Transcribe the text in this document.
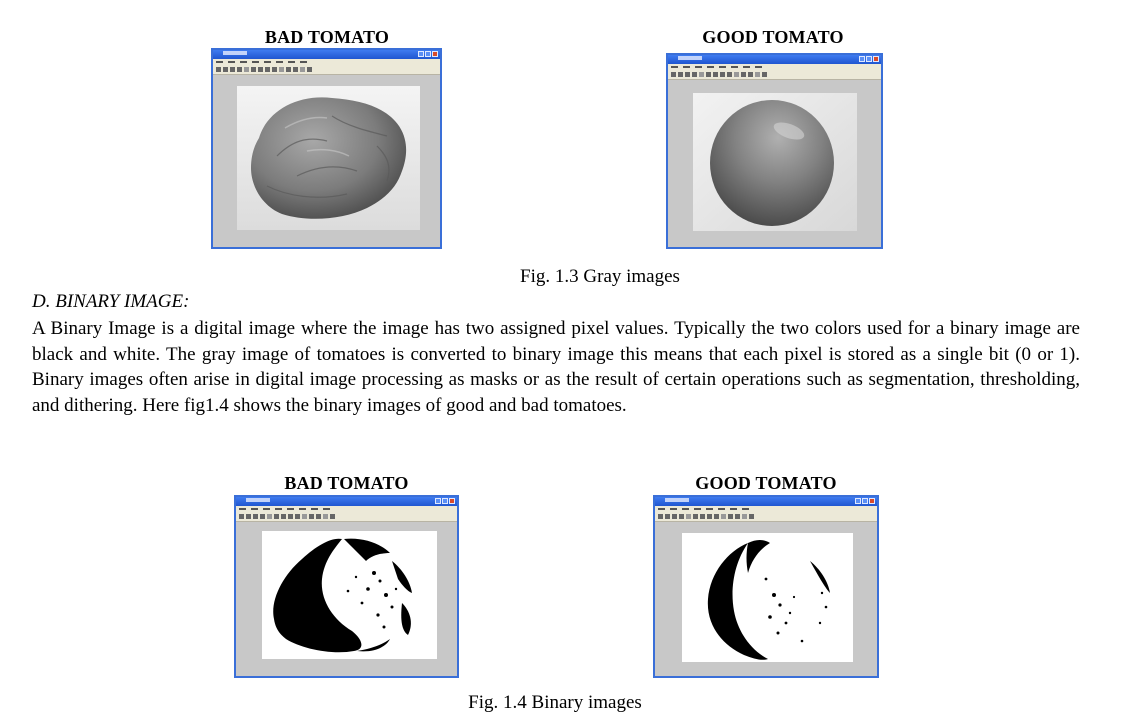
BAD TOMATO	GOOD TOMATO
Fig. 1.3 Gray images
D. BINARY IMAGE:
A Binary Image is a digital image where the image has two assigned pixel values. Typically the two colors used for a binary image are black and white. The gray image of tomatoes is converted to binary image this means that each pixel is stored as a single bit (0 or 1). Binary images often arise in digital image processing as masks or as the result of certain operations such as segmentation, thresholding, and dithering. Here fig1.4 shows the binary images of good and bad tomatoes.
BAD TOMATO	GOOD TOMATO
Fig. 1.4 Binary images
